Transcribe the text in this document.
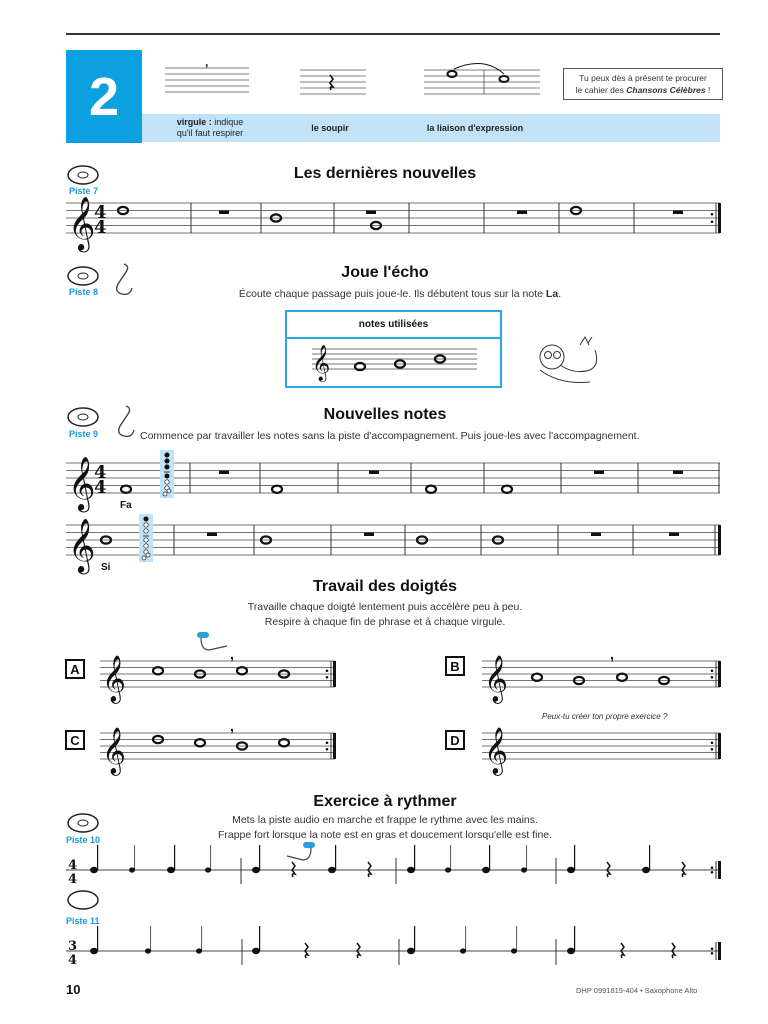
2
,
virgule : indique
qu'il faut respirer	le soupir	la liaison d'expression
Tu peux dès à présent te procurer
le cahier des Chansons Célèbres !
Piste 7
Les dernières nouvelles
𝄞
4
4
Piste 8
Joue l'écho
Écoute chaque passage puis joue-le. Ils débutent tous sur la note La.
notes utilisées
𝄞
Piste 9
Nouvelles notes
Commence par travailler les notes sans la piste d'accompagnement. Puis joue-les avec l'accompagnement.
𝄞
4
4
Fa
𝄞 Si
Travail des doigtés
Travaille chaque doigté lentement puis accélère peu à peu.
Respire à chaque fin de phrase et à chaque virgule.
A	B
C	D
𝄞
,
𝄞
,
𝄞
,
𝄞
Peux-tu créer ton propre exercice ?
Exercice à rythmer
Mets la piste audio en marche et frappe le rythme avec les mains.
Frappe fort lorsque la note est en gras et doucement lorsqu'elle est fine.
Piste 10
4
4
Piste 11
3
4
10	DHP 0991819-404 • Saxophone Alto
